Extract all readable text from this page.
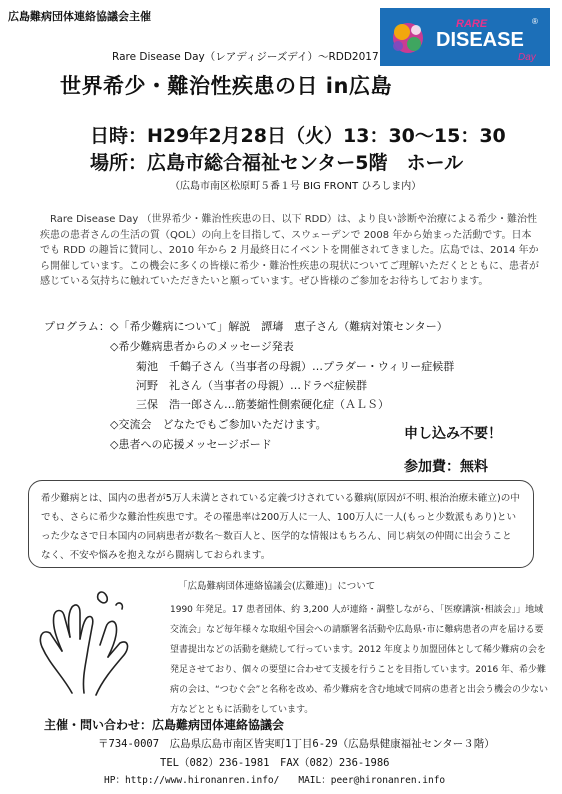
広島難病団体連絡協議会主催
RARE
DISEASE
Day
®
Rare Disease Day（レアディジーズデイ）〜RDD2017
世界希少・難治性疾患の日 in広島
日時：H29年2月28日（火）13：30〜15：30
場所：広島市総合福祉センター5階　ホール
（広島市南区松原町５番１号 BIG FRONT ひろしま内）
Rare Disease Day （世界希少・難治性疾患の日、以下 RDD）は、より良い診断や治療による希少・難治性疾患の患者さんの生活の質（QOL）の向上を目指して、スウェーデンで 2008 年から始まった活動です。日本でも RDD の趣旨に賛同し、2010 年から 2 月最終日にイベントを開催されてきました。広島では、2014 年から開催しています。この機会に多くの皆様に希少・難治性疾患の現状についてご理解いただくとともに、患者が感じている気持ちに触れていただきたいと願っています。ぜひ皆様のご参加をお待ちしております。
プログラム： ◇「希少難病について」解説　譚璹　恵子さん（難病対策センター）
◇希少難病患者からのメッセージ発表
菊池　千鶴子さん（当事者の母親）…プラダー・ウィリー症候群
河野　礼さん（当事者の母親）…ドラベ症候群
三保　浩一郎さん…筋萎縮性側索硬化症（ＡＬＳ）
◇交流会　どなたでもご参加いただけます。
◇患者への応援メッセージボード
申し込み不要！
参加費：無料
希少難病とは、国内の患者が5万人未満とされている定義づけされている難病(原因が不明､根治治療未確立)の中でも、さらに希少な難治性疾患です。その罹患率は200万人に一人、100万人に一人(もっと少数派もあり)といった少なさで日本国内の同病患者が数名〜数百人と、医学的な情報はもちろん、同じ病気の仲間に出会うことなく、不安や悩みを抱えながら闘病しておられます。
「広島難病団体連絡協議会(広難連)」について
1990 年発足。17 患者団体、約 3,200 人が連絡・調整しながら、｢医療講演･相談会｣」地域交流会」など毎年様々な取組や国会への請願署名活動や広島県･市に難病患者の声を届ける要望書提出などの活動を継続して行っています。2012 年度より加盟団体として稀少難病の会を発足させており、個々の要望に合わせて支援を行うことを目指しています。2016 年、希少難病の会は、“つむぐ会”と名称を改め、希少難病を含む地域で同病の患者と出会う機会の少ない方などとともに活動をしています。
主催・問い合わせ：広島難病団体連絡協議会
〒734-0007　広島県広島市南区皆実町1丁目6-29（広島県健康福祉センター３階）
TEL（082）236-1981　FAX（082）236-1986
HP：http://www.hironanren.info/　　MAIL：peer@hironanren.info
